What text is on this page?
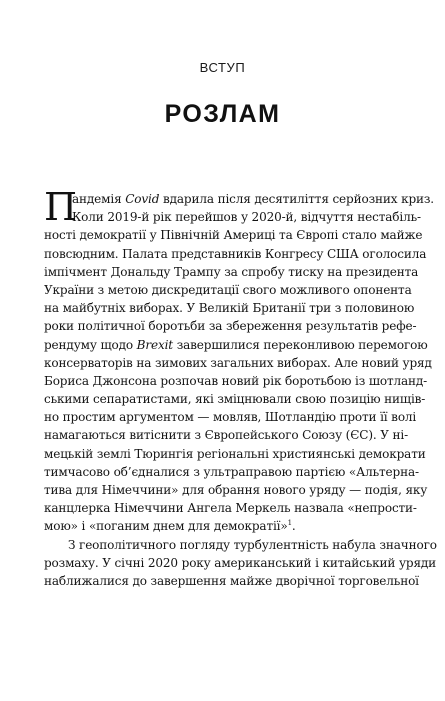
ВСТУП
РОЗЛАМ
П
андемія Covid вдарила після десятиліття серйозних криз.
Коли 2019-й рік перейшов у 2020-й, відчуття нестабіль-
ності демократії у Північній Америці та Європі стало майже
повсюдним. Палата представників Конгресу США оголосила
імпічмент Дональду Трампу за спробу тиску на президента
України з метою дискредитації свого можливого опонента
на майбутніх виборах. У Великій Британії три з половиною
роки політичної боротьби за збереження результатів рефе-
рендуму щодо Brexit завершилися переконливою перемогою
консерваторів на зимових загальних виборах. Але новий уряд
Бориса Джонсона розпочав новий рік боротьбою із шотланд-
ськими сепаратистами, які зміцнювали свою позицію нищів-
но простим аргументом — мовляв, Шотландію проти її волі
намагаються витіснити з Європейського Союзу (ЄС). У ні-
мецькій землі Тюрингія регіональні християнські демократи
тимчасово об’єдналися з ультраправою партією «Альтерна-
тива для Німеччини» для обрання нового уряду — подія, яку
канцлерка Німеччини Ангела Меркель назвала «непрости-
мою» і «поганим днем для демократії»$^1$.
З геополітичного погляду турбулентність набула значного
розмаху. У січні 2020 року американський і китайський уряди
наближалися до завершення майже дворічної торговельної
